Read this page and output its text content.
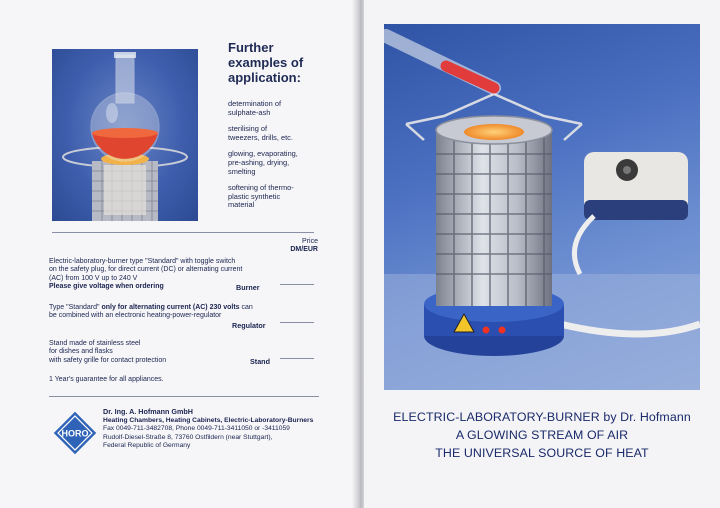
Further
examples of
application:
determination of
sulphate-ash
sterilising of
tweezers, drills, etc.
glowing, evaporating,
pre-ashing, drying,
smelting
softening of thermo-
plastic synthetic
material
Price
DM/EUR
Electric-laboratory-burner type "Standard" with toggle switch
on the safety plug, for direct current (DC) or alternating current
(AC) from 100 V up to 240 V
Please give voltage when ordering	Burner
Type "Standard" only for alternating current (AC) 230 volts can
be combined with an electronic heating-power-regulator
Regulator
Stand made of stainless steel
for dishes and flasks
with safety grille for contact protection	Stand
1 Year's guarantee for all appliances.
HORO
Dr. Ing. A. Hofmann GmbH
Heating Chambers, Heating Cabinets, Electric-Laboratory-Burners
Fax 0049-711-3482708, Phone 0049-711-3411050 or -3411059
Rudolf-Diesel-Straße 8, 73760 Ostfildern (near Stuttgart),
Federal Republic of Germany
ELECTRIC-LABORATORY-BURNER by Dr. Hofmann
A GLOWING STREAM OF AIR
THE UNIVERSAL SOURCE OF HEAT
